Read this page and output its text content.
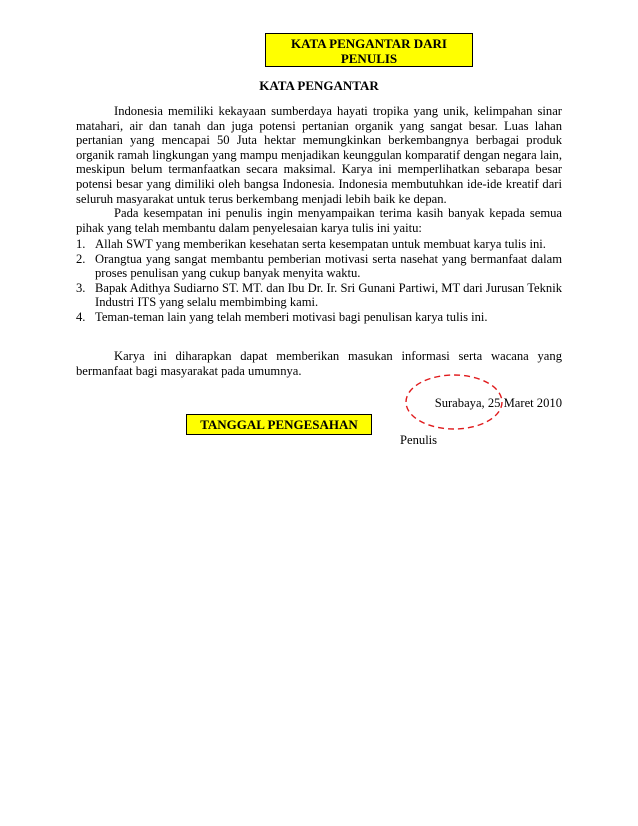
KATA PENGANTAR DARI PENULIS
KATA PENGANTAR
Indonesia memiliki kekayaan sumberdaya hayati tropika yang unik, kelimpahan sinar matahari, air dan tanah dan juga potensi pertanian organik yang sangat besar. Luas lahan pertanian yang mencapai 50 Juta hektar memungkinkan berkembangnya berbagai produk organik ramah lingkungan yang mampu menjadikan keunggulan komparatif dengan negara lain, meskipun belum termanfaatkan secara maksimal. Karya ini memperlihatkan sebarapa besar potensi besar yang dimiliki oleh bangsa Indonesia. Indonesia membutuhkan ide-ide kreatif dari seluruh masyarakat untuk terus berkembang menjadi lebih baik ke depan.
Pada kesempatan ini penulis ingin menyampaikan terima kasih banyak kepada semua pihak yang telah membantu dalam penyelesaian karya tulis ini yaitu:
1. Allah SWT yang memberikan kesehatan serta kesempatan untuk membuat karya tulis ini.
2. Orangtua yang sangat membantu pemberian motivasi serta nasehat yang bermanfaat dalam proses penulisan yang cukup banyak menyita waktu.
3. Bapak Adithya Sudiarno ST. MT. dan Ibu Dr. Ir. Sri Gunani Partiwi, MT dari Jurusan Teknik Industri ITS yang selalu membimbing kami.
4. Teman-teman lain yang telah memberi motivasi bagi penulisan karya tulis ini.
Karya ini diharapkan dapat memberikan masukan informasi serta wacana yang bermanfaat bagi masyarakat pada umumnya.
Surabaya, 25 Maret 2010
TANGGAL PENGESAHAN
Penulis
